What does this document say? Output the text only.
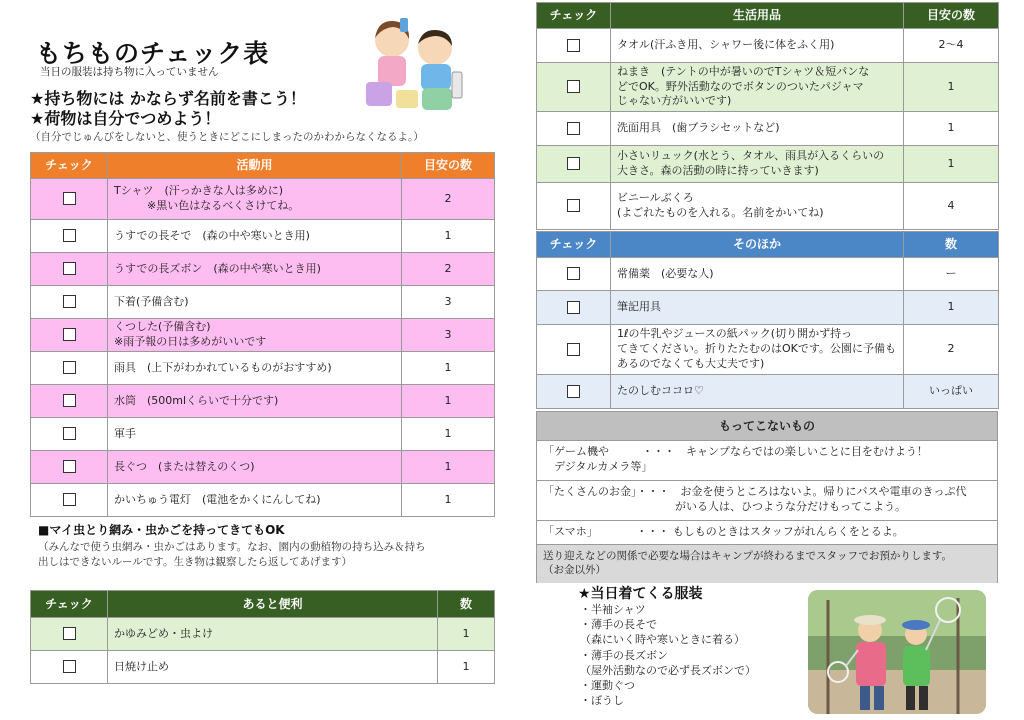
もちものチェック表
当日の服装は持ち物に入っていません
★持ち物には かならず名前を書こう！
★荷物は自分でつめよう！
（自分でじゅんびをしないと、使うときにどこにしまったのかわからなくなるよ。）
チェック	活動用	目安の数
	Tシャツ　(汗っかきな人は多めに)
　　　※黒い色はなるべくさけてね。	2
	うすでの長そで　(森の中や寒いとき用)	1
	うすでの長ズボン　(森の中や寒いとき用)	2
	下着(予備含む)	3
	くつした(予備含む)
※雨予報の日は多めがいいです	3
	雨具　(上下がわかれているものがおすすめ)	1
	水筒　(500mlくらいで十分です)	1
	軍手	1
	長ぐつ　(または替えのくつ)	1
	かいちゅう電灯　(電池をかくにんしてね)	1
■マイ虫とり網み・虫かごを持ってきてもOK
（みんなで使う虫網み・虫かごはあります。なお、園内の動植物の持ち込み＆持ち
出しはできないルールです。生き物は観察したら返してあげます）
チェック	あると便利	数
	かゆみどめ・虫よけ	1
	日焼け止め	1
チェック	生活用品	目安の数
	タオル(汗ふき用、シャワー後に体をふく用)	2～4
	ねまき　(テントの中が暑いのでTシャツ＆短パンな
どでOK。野外活動なのでボタンのついたパジャマ
じゃない方がいいです)	1
	洗面用具　(歯ブラシセットなど)	1
	小さいリュック(水とう、タオル、雨具が入るくらいの
大きさ。森の活動の時に持っていきます)	1
	ビニールぶくろ
(よごれたものを入れる。名前をかいてね)	4
チェック	そのほか	数
	常備薬　(必要な人)	ー
	筆記用具	1
	1ℓの牛乳やジュースの紙パック(切り開かず持っ
てきてください。折りたたむのはOKです。公園に予備も
あるのでなくても大丈夫です)	2
	たのしむココロ♡	いっぱい
もってこないもの
「ゲーム機や　　　・・・　キャンプならではの楽しいことに目をむけよう！
　デジタルカメラ等」
「たくさんのお金」・・・　お金を使うところはないよ。帰りにバスや電車のきっぷ代
　　　　　　　　　　　　がいる人は、ひつような分だけもってこよう。
「スマホ」　　　　・・・ もしものときはスタッフがれんらくをとるよ。
送り迎えなどの関係で必要な場合はキャンプが終わるまでスタッフでお預かりします。
（お金以外）
★当日着てくる服装
・半袖シャツ
・薄手の長そで
（森にいく時や寒いときに着る）
・薄手の長ズボン
（屋外活動なので必ず長ズボンで）
・運動ぐつ
・ぼうし
